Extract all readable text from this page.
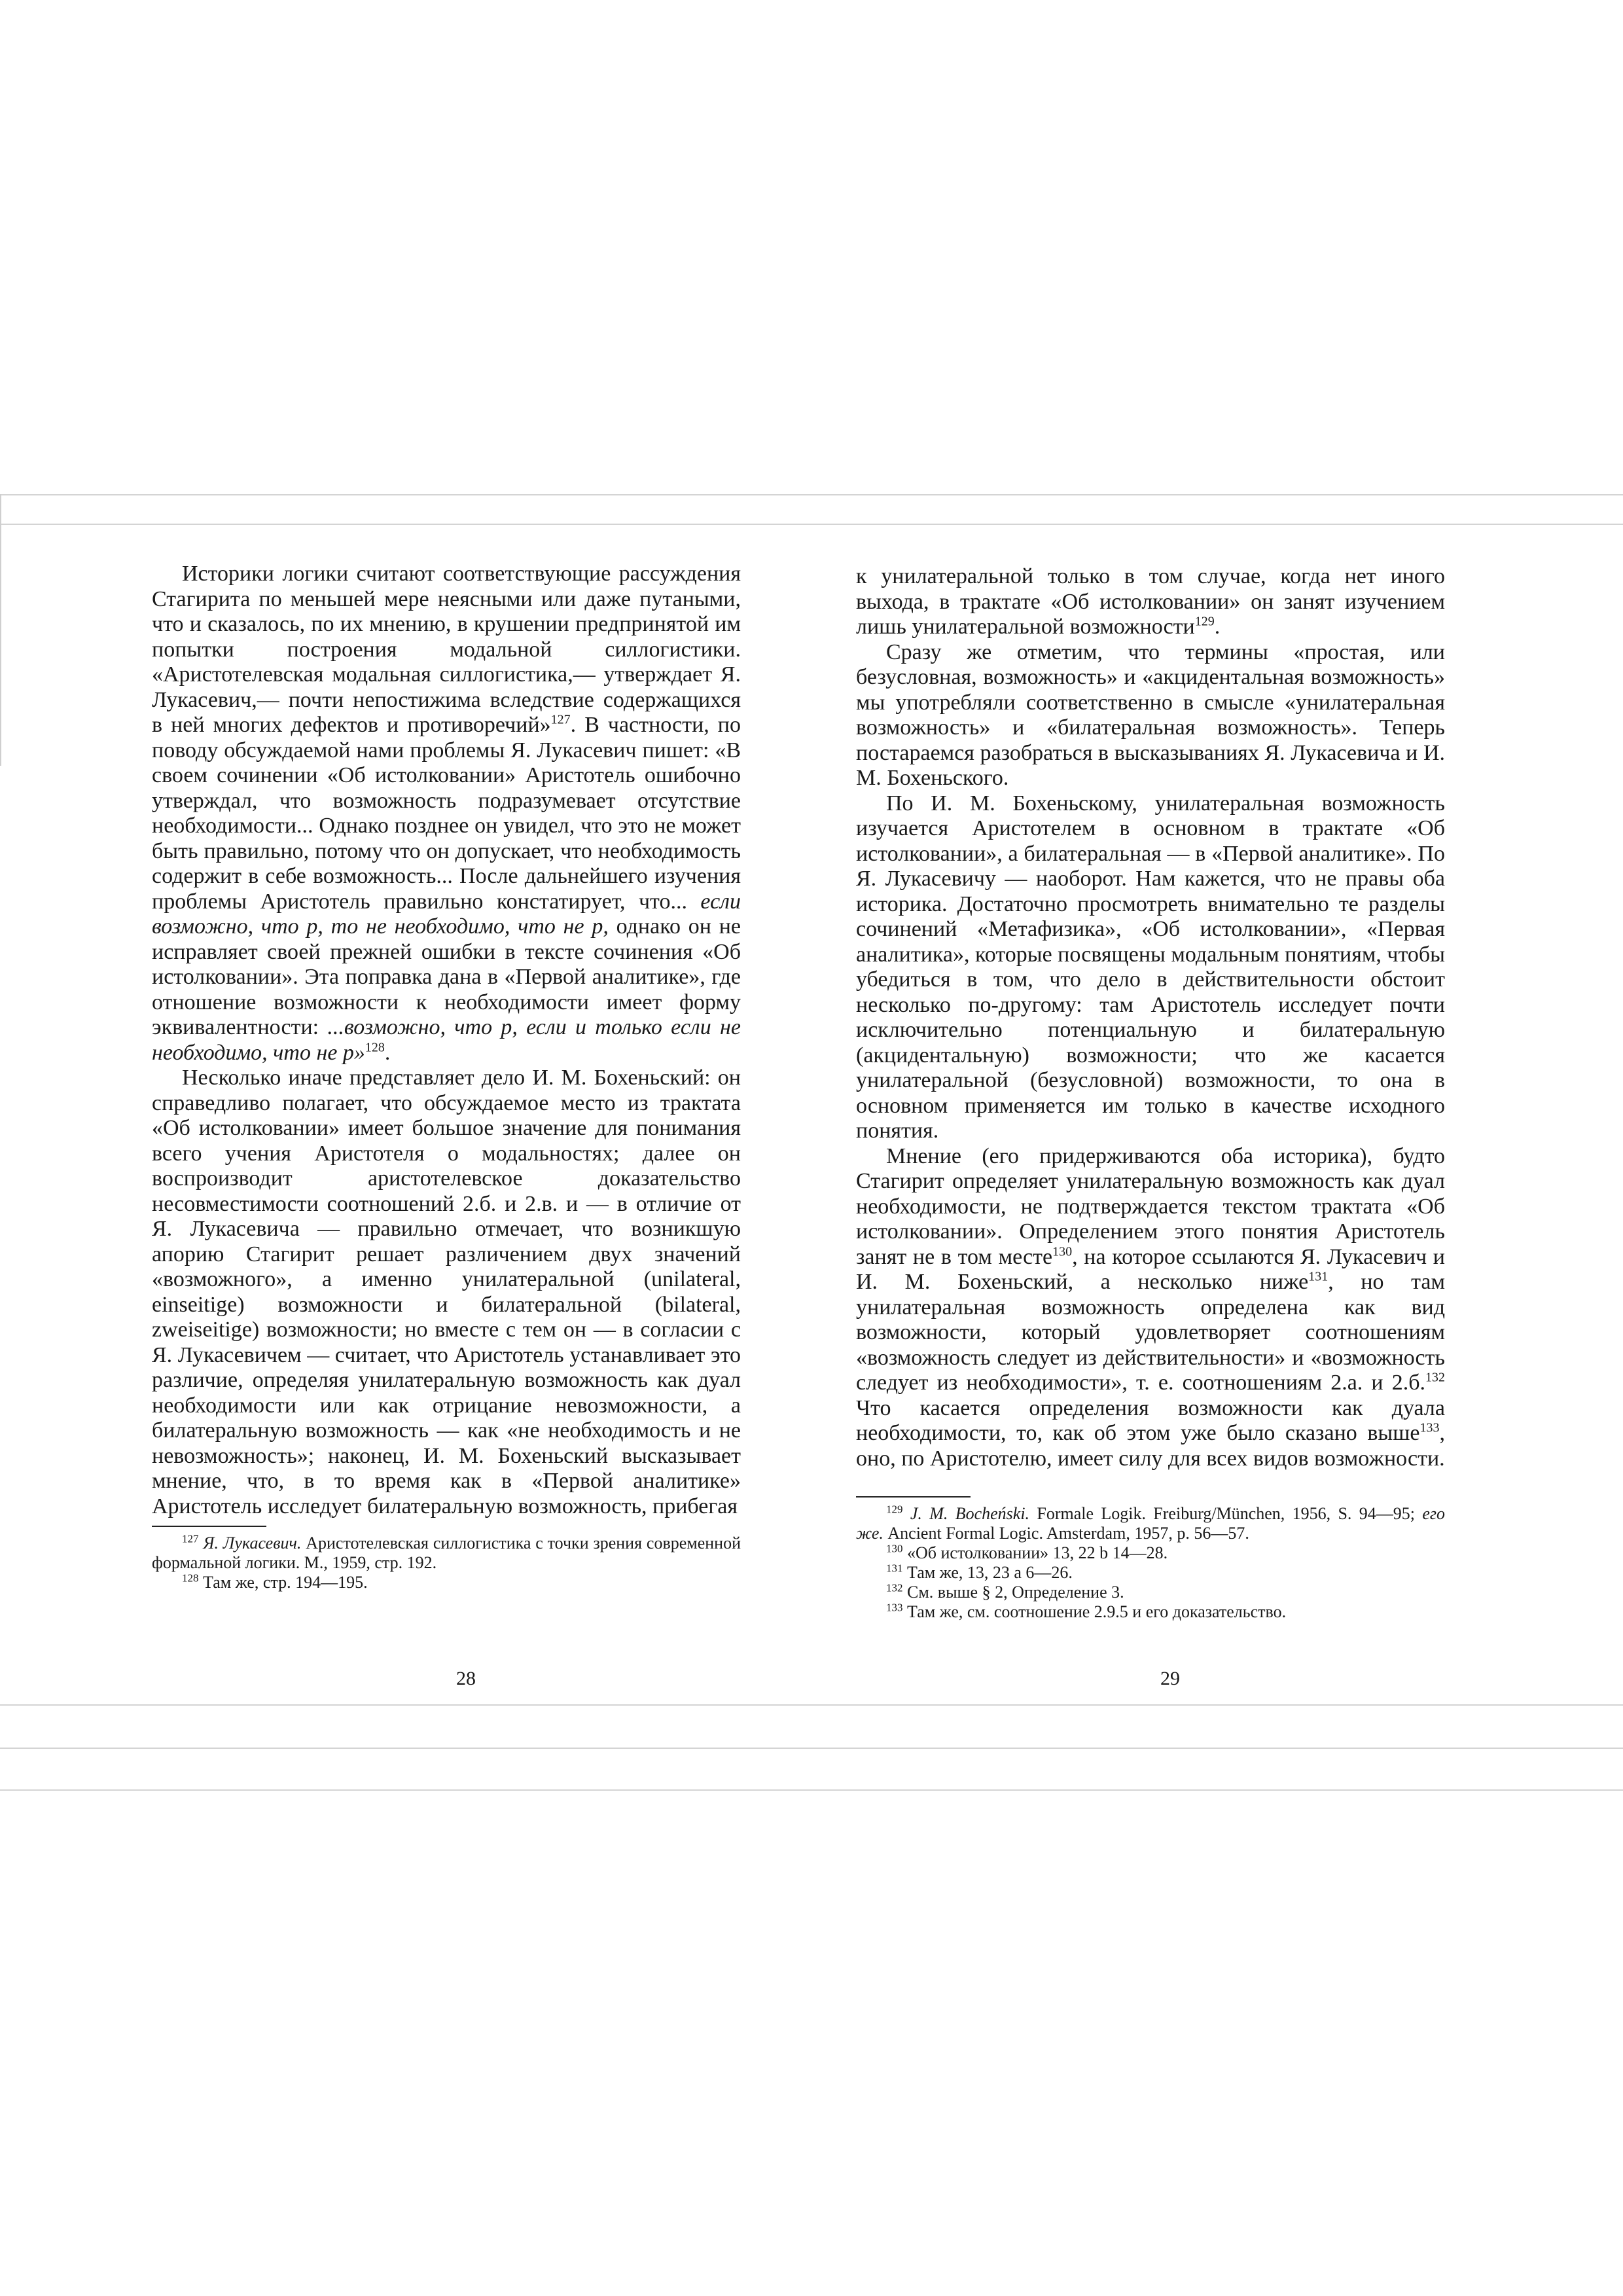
Историки логики считают соответствующие рассуждения Стагирита по меньшей мере неясными или даже путаными, что и сказалось, по их мнению, в крушении предпринятой им попытки построения модальной силлогистики. «Аристотелевская модальная силлогистика,— утверждает Я. Лукасевич,— почти непостижима вследствие содержащихся в ней многих дефектов и противоречий»$^{127}$. В частности, по поводу обсуждаемой нами проблемы Я. Лукасевич пишет: «В своем сочинении «Об истолковании» Аристотель ошибочно утверждал, что возможность подразумевает отсутствие необходимости... Однако позднее он увидел, что это не может быть правильно, потому что он допускает, что необходимость содержит в себе возможность... После дальнейшего изучения проблемы Аристотель правильно констатирует, что... если возможно, что p, то не необходимо, что не p, однако он не исправляет своей прежней ошибки в тексте сочинения «Об истолковании». Эта поправка дана в «Первой аналитике», где отношение возможности к необходимости имеет форму эквивалентности: ...возможно, что p, если и только если не необходимо, что не p»$^{128}$.

Несколько иначе представляет дело И. М. Бохеньский: он справедливо полагает, что обсуждаемое место из трактата «Об истолковании» имеет большое значение для понимания всего учения Аристотеля о модальностях; далее он воспроизводит аристотелевское доказательство несовместимости соотношений 2.б. и 2.в. и — в отличие от Я. Лукасевича — правильно отмечает, что возникшую апорию Стагирит решает различением двух значений «возможного», а именно унилатеральной (unilateral, einseitige) возможности и билатеральной (bilateral, zweiseitige) возможности; но вместе с тем он — в согласии с Я. Лукасевичем — считает, что Аристотель устанавливает это различие, определяя унилатеральную возможность как дуал необходимости или как отрицание невозможности, а билатеральную возможность — как «не необходимость и не невозможность»; наконец, И. М. Бохеньский высказывает мнение, что, в то время как в «Первой аналитике» Аристотель исследует билатеральную возможность, прибегая

$^{127}$ Я. Лукасевич. Аристотелевская силлогистика с точки зрения современной формальной логики. М., 1959, стр. 192.

$^{128}$ Там же, стр. 194—195.

28

к унилатеральной только в том случае, когда нет иного выхода, в трактате «Об истолковании» он занят изучением лишь унилатеральной возможности$^{129}$.

Сразу же отметим, что термины «простая, или безусловная, возможность» и «акцидентальная возможность» мы употребляли соответственно в смысле «унилатеральная возможность» и «билатеральная возможность». Теперь постараемся разобраться в высказываниях Я. Лукасевича и И. М. Бохеньского.

По И. М. Бохеньскому, унилатеральная возможность изучается Аристотелем в основном в трактате «Об истолковании», а билатеральная — в «Первой аналитике». По Я. Лукасевичу — наоборот. Нам кажется, что не правы оба историка. Достаточно просмотреть внимательно те разделы сочинений «Метафизика», «Об истолковании», «Первая аналитика», которые посвящены модальным понятиям, чтобы убедиться в том, что дело в действительности обстоит несколько по-другому: там Аристотель исследует почти исключительно потенциальную и билатеральную (акцидентальную) возможности; что же касается унилатеральной (безусловной) возможности, то она в основном применяется им только в качестве исходного понятия.

Мнение (его придерживаются оба историка), будто Стагирит определяет унилатеральную возможность как дуал необходимости, не подтверждается текстом трактата «Об истолковании». Определением этого понятия Аристотель занят не в том месте$^{130}$, на которое ссылаются Я. Лукасевич и И. М. Бохеньский, а несколько ниже$^{131}$, но там унилатеральная возможность определена как вид возможности, который удовлетворяет соотношениям «возможность следует из действительности» и «возможность следует из необходимости», т. е. соотношениям 2.а. и 2.б.$^{132}$ Что касается определения возможности как дуала необходимости, то, как об этом уже было сказано выше$^{133}$, оно, по Аристотелю, имеет силу для всех видов возможности.

$^{129}$ J. M. Bocheński. Formale Logik. Freiburg/München, 1956, S. 94—95; его же. Ancient Formal Logic. Amsterdam, 1957, p. 56—57.

$^{130}$ «Об истолковании» 13, 22 b 14—28.

$^{131}$ Там же, 13, 23 a 6—26.

$^{132}$ См. выше § 2, Определение 3.

$^{133}$ Там же, см. соотношение 2.9.5 и его доказательство.

29
